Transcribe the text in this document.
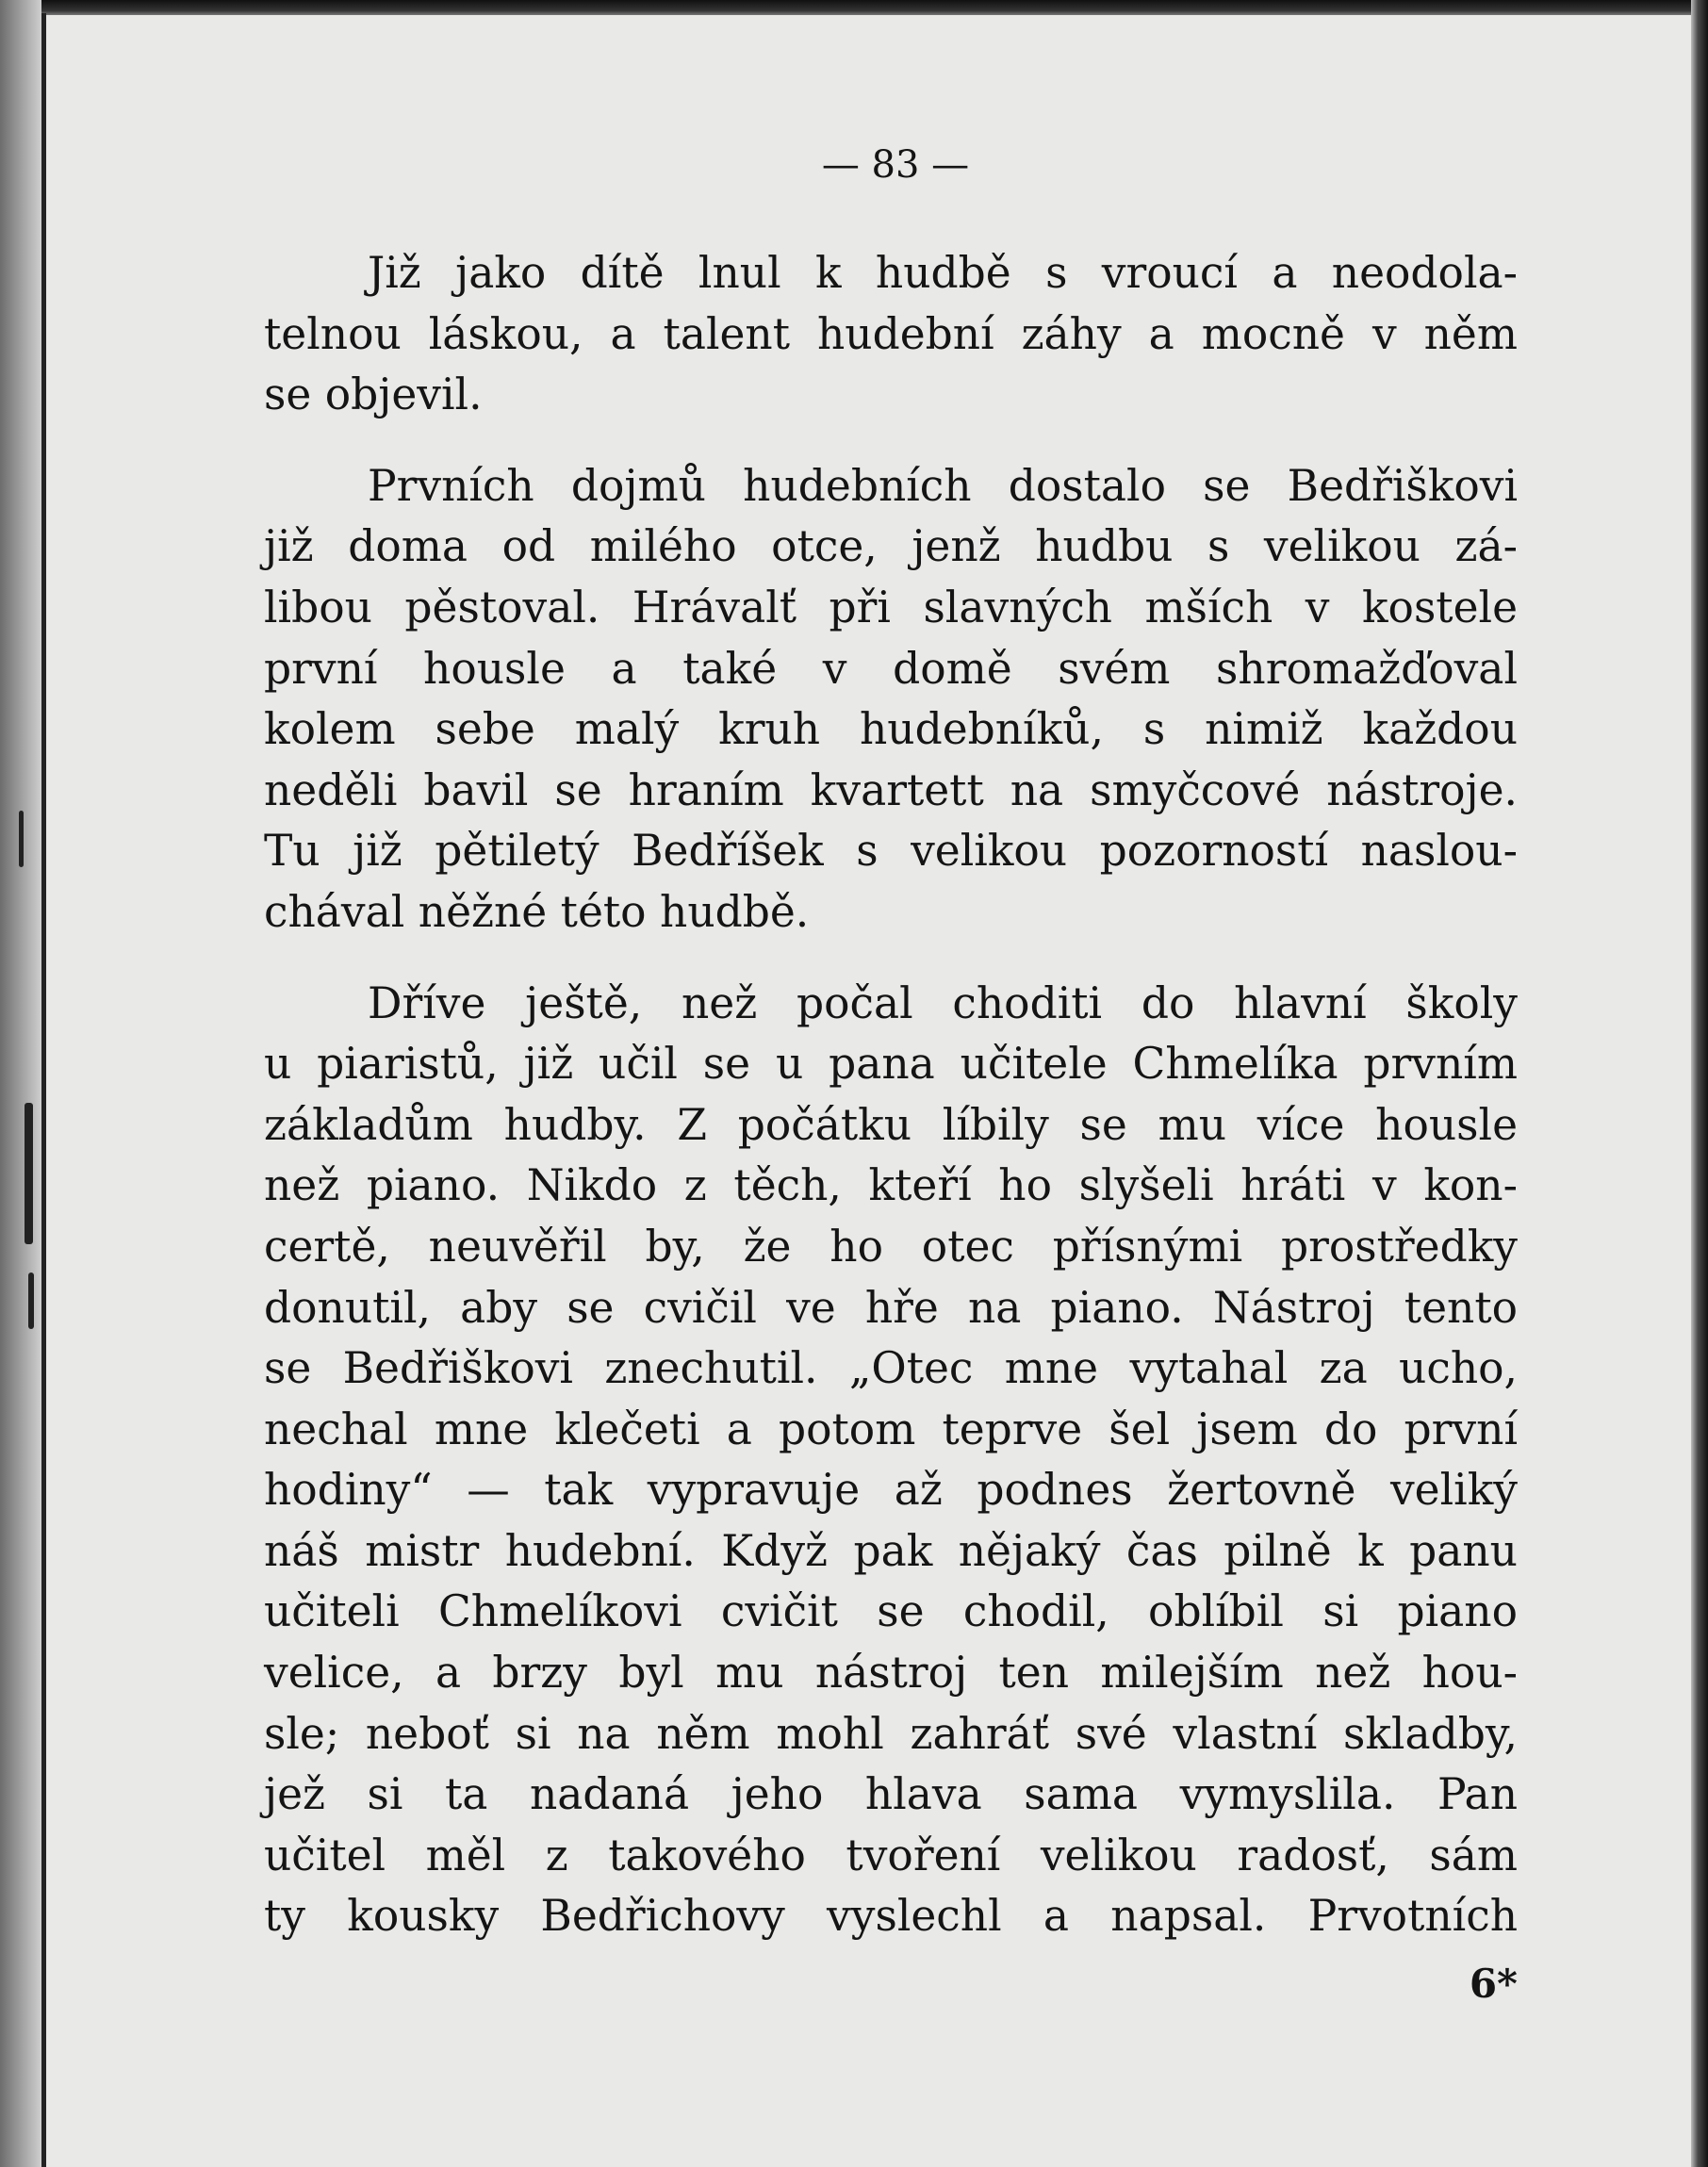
— 83 —
Již jako dítě lnul k hudbě s vroucí a neodola-
telnou láskou, a talent hudební záhy a mocně v něm
se objevil.
Prvních dojmů hudebních dostalo se Bedřiškovi
již doma od milého otce, jenž hudbu s velikou zá-
libou pěstoval. Hrávalť při slavných mších v kostele
první housle a také v domě svém shromažďoval
kolem sebe malý kruh hudebníků, s nimiž každou
neděli bavil se hraním kvartett na smyčcové nástroje.
Tu již pětiletý Bedříšek s velikou pozorností naslou-
chával něžné této hudbě.
Dříve ještě, než počal choditi do hlavní školy
u piaristů, již učil se u pana učitele Chmelíka prvním
základům hudby. Z počátku líbily se mu více housle
než piano. Nikdo z těch, kteří ho slyšeli hráti v kon-
certě, neuvěřil by, že ho otec přísnými prostředky
donutil, aby se cvičil ve hře na piano. Nástroj tento
se Bedřiškovi znechutil. „Otec mne vytahal za ucho,
nechal mne klečeti a potom teprve šel jsem do první
hodiny“ — tak vypravuje až podnes žertovně veliký
náš mistr hudební. Když pak nějaký čas pilně k panu
učiteli Chmelíkovi cvičit se chodil, oblíbil si piano
velice, a brzy byl mu nástroj ten milejším než hou-
sle; neboť si na něm mohl zahráť své vlastní skladby,
jež si ta nadaná jeho hlava sama vymyslila. Pan
učitel měl z takového tvoření velikou radosť, sám
ty kousky Bedřichovy vyslechl a napsal. Prvotních
6*
